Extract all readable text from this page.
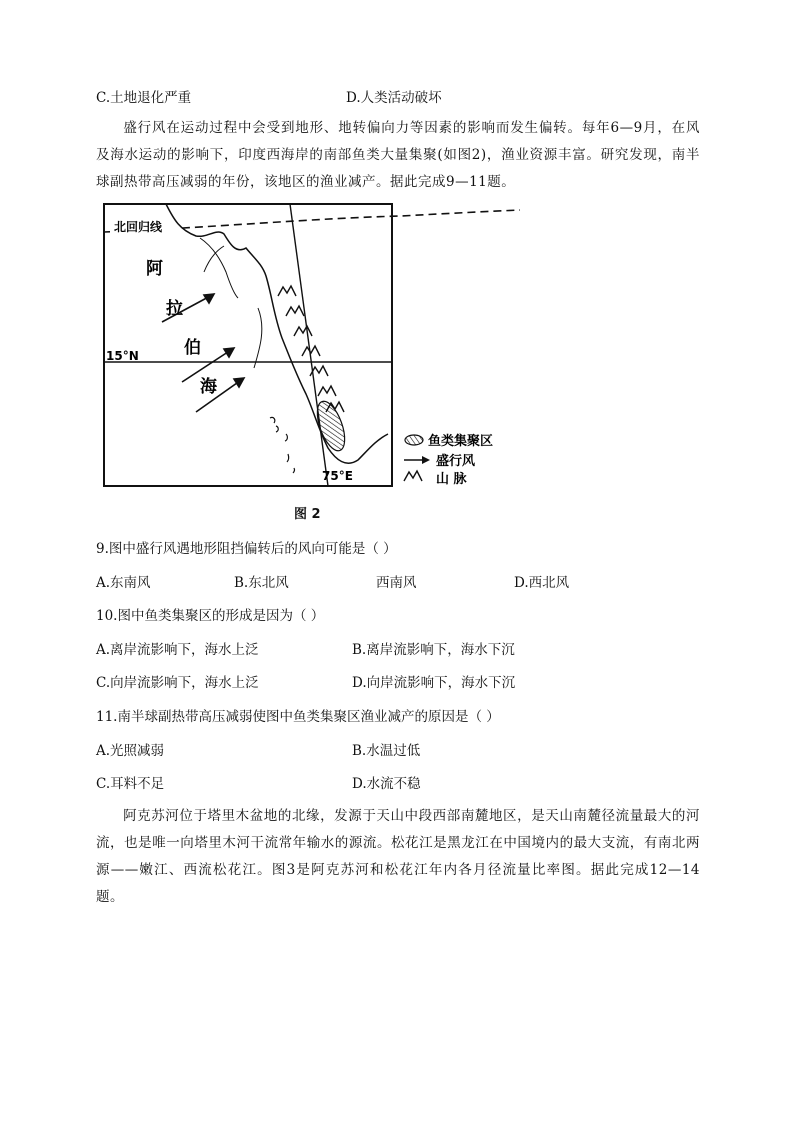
C.土地退化严重	D.人类活动破坏
盛行风在运动过程中会受到地形、地转偏向力等因素的影响而发生偏转。每年6—9月，在风及海水运动的影响下，印度西海岸的南部鱼类大量集聚(如图2)，渔业资源丰富。研究发现，南半球副热带高压减弱的年份，该地区的渔业减产。据此完成9—11题。
北回归线
15°N
75°E
阿
拉
伯
海
鱼类集聚区
盛行风
山 脉
图 2
9.图中盛行风遇地形阻挡偏转后的风向可能是（ ）
A.东南风	B.东北风	西南风	D.西北风
10.图中鱼类集聚区的形成是因为（ ）
A.离岸流影响下，海水上泛	B.离岸流影响下，海水下沉
C.向岸流影响下，海水上泛	D.向岸流影响下，海水下沉
11.南半球副热带高压减弱使图中鱼类集聚区渔业减产的原因是（ ）
A.光照减弱	B.水温过低
C.耳料不足	D.水流不稳
阿克苏河位于塔里木盆地的北缘，发源于天山中段西部南麓地区，是天山南麓径流量最大的河流，也是唯一向塔里木河干流常年输水的源流。松花江是黑龙江在中国境内的最大支流，有南北两源——嫩江、西流松花江。图3是阿克苏河和松花江年内各月径流量比率图。据此完成12—14题。
